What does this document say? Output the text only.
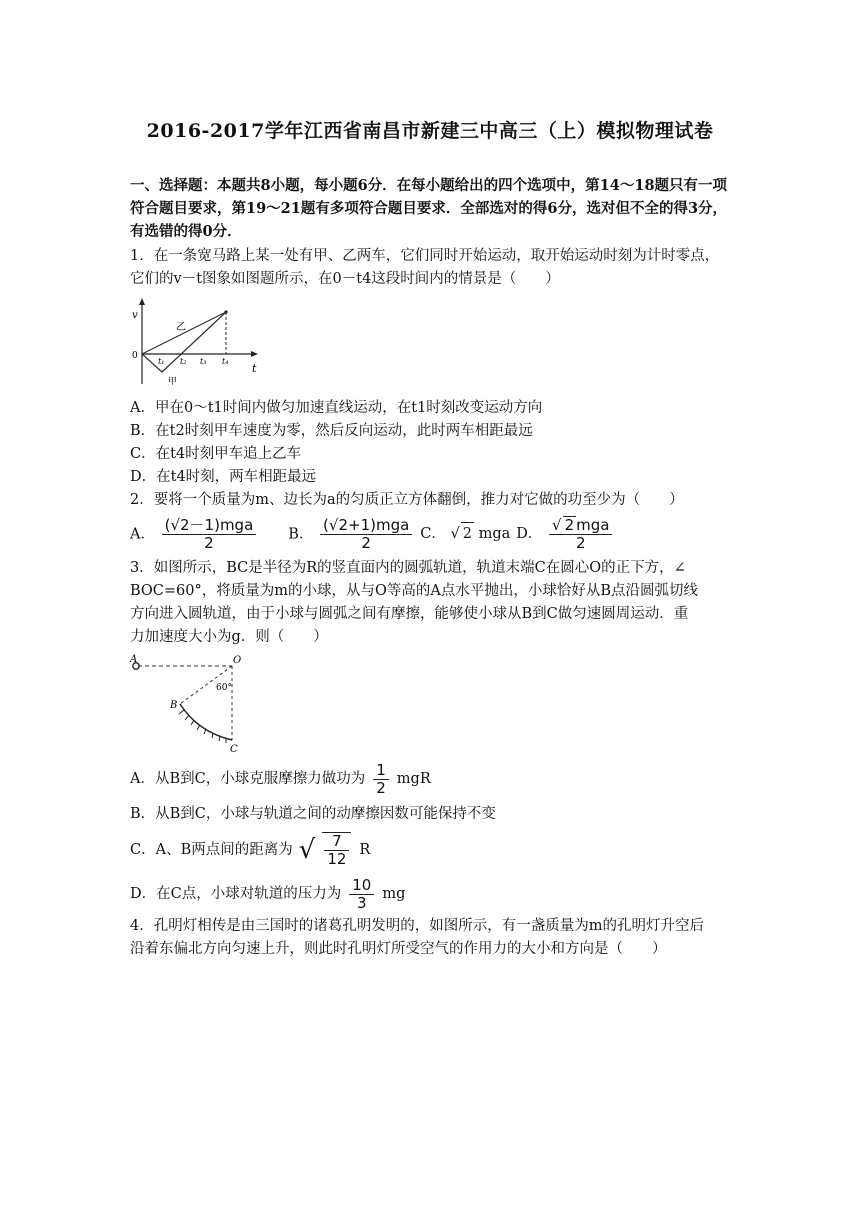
2016-2017学年江西省南昌市新建三中高三（上）模拟物理试卷
一、选择题：本题共8小题，每小题6分．在每小题给出的四个选项中，第14～18题只有一项符合题目要求，第19～21题有多项符合题目要求．全部选对的得6分，选对但不全的得3分，有选错的得0分．
1．在一条宽马路上某一处有甲、乙两车，它们同时开始运动，取开始运动时刻为计时零点，
它们的v－t图象如图题所示，在0－t4这段时间内的情景是（　　）
v
t
0
乙
甲
t₁ t₂ t₃ t₄
A．甲在0～t1时间内做匀加速直线运动，在t1时刻改变运动方向
B．在t2时刻甲车速度为零，然后反向运动，此时两车相距最远
C．在t4时刻甲车追上乙车
D．在t4时刻，两车相距最远
2．要将一个质量为m、边长为a的匀质正立方体翻倒，推力对它做的功至少为（　　）
A． $\frac{\text{(√2－1)mga}}{2}$ B． $\frac{\text{(√2+1)mga}}{2}$ C． √ 2 mga D． $\frac{\text{√ 2 mga}}{2}$
3．如图所示，BC是半径为R的竖直面内的圆弧轨道，轨道末端C在圆心O的正下方，∠
BOC=60°，将质量为m的小球，从与O等高的A点水平抛出，小球恰好从B点沿圆弧切线
方向进入圆轨道，由于小球与圆弧之间有摩擦，能够使小球从B到C做匀速圆周运动．重
力加速度大小为g．则（　　）
A	O
B
C
60°
A．从B到C，小球克服摩擦力做功为 $\frac{1}{2}$ mgR
B．从B到C，小球与轨道之间的动摩擦因数可能保持不变
C．A、B两点间的距离为 √ $\frac{7}{12}$ R
D．在C点，小球对轨道的压力为 $\frac{10}{3}$ mg
4．孔明灯相传是由三国时的诸葛孔明发明的，如图所示，有一盏质量为m的孔明灯升空后
沿着东偏北方向匀速上升，则此时孔明灯所受空气的作用力的大小和方向是（　　）
